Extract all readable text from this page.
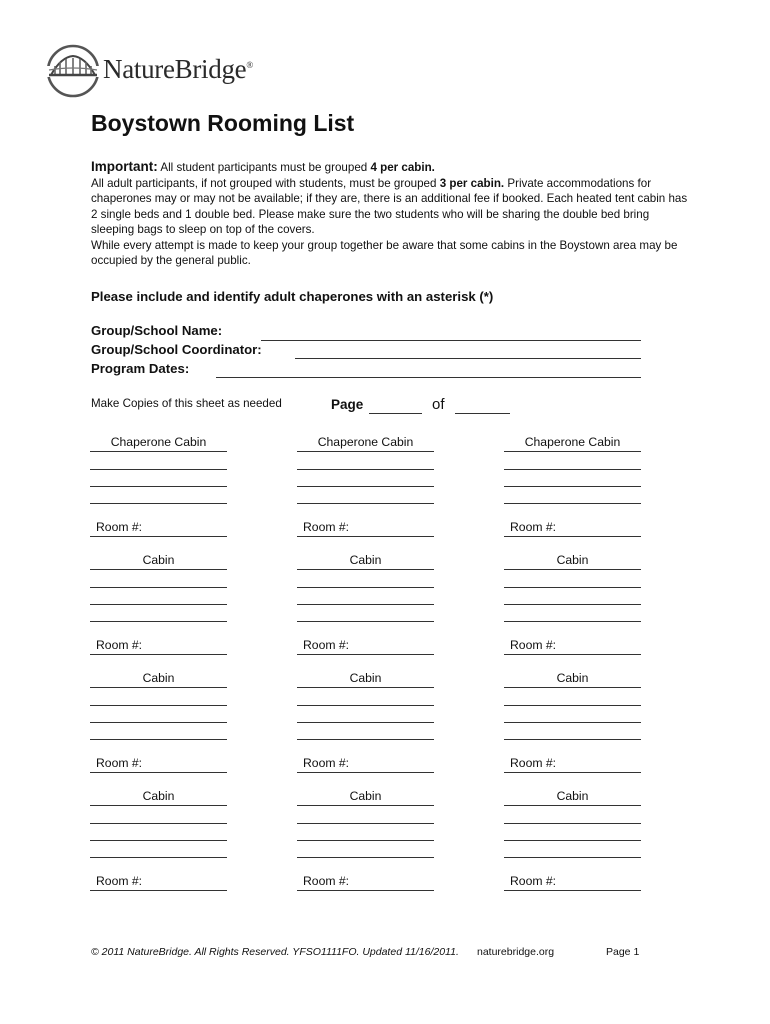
NatureBridge®
Boystown Rooming List
Important: All student participants must be grouped 4 per cabin.
All adult participants, if not grouped with students, must be grouped 3 per cabin. Private accommodations for chaperones may or may not be available; if they are, there is an additional fee if booked. Each heated tent cabin has 2 single beds and 1 double bed. Please make sure the two students who will be sharing the double bed bring sleeping bags to sleep on top of the covers.
While every attempt is made to keep your group together be aware that some cabins in the Boystown area may be occupied by the general public.
Please include and identify adult chaperones with an asterisk (*)
Group/School Name:
Group/School Coordinator:
Program Dates:
Make Copies of this sheet as needed	Page	of
Chaperone Cabin
Room #:
Cabin
Room #:
Cabin
Room #:
Cabin
Room #:
Chaperone Cabin
Room #:
Cabin
Room #:
Cabin
Room #:
Cabin
Room #:
Chaperone Cabin
Room #:
Cabin
Room #:
Cabin
Room #:
Cabin
Room #:
© 2011 NatureBridge. All Rights Reserved. YFSO1111FO. Updated 11/16/2011. naturebridge.org	Page 1
